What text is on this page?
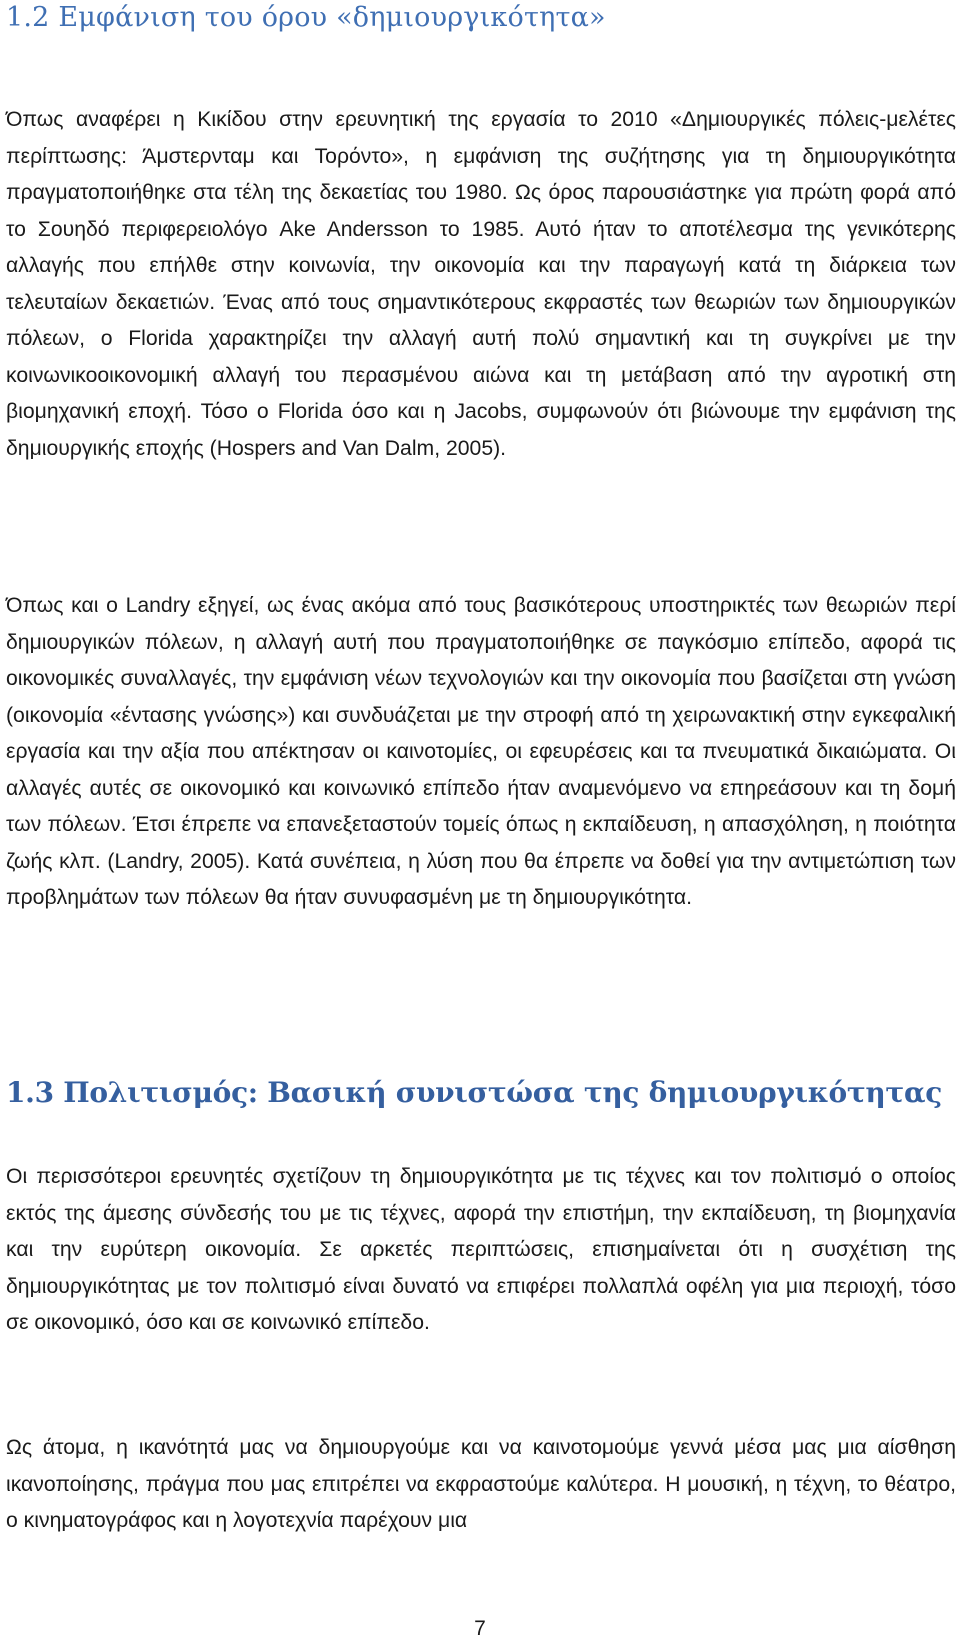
1.2 Εμφάνιση του όρου «δημιουργικότητα»

Όπως αναφέρει η Κικίδου στην ερευνητική της εργασία το 2010 «Δημιουργικές πόλεις-μελέτες περίπτωσης: Άμστερνταμ και Τορόντο», η εμφάνιση της συζήτησης για τη δημιουργικότητα πραγματοποιήθηκε στα τέλη της δεκαετίας του 1980. Ως όρος παρουσιάστηκε για πρώτη φορά από το Σουηδό περιφερειολόγο Ake Andersson το 1985. Αυτό ήταν το αποτέλεσμα της γενικότερης αλλαγής που επήλθε στην κοινωνία, την οικονομία και την παραγωγή κατά τη διάρκεια των τελευταίων δεκαετιών. Ένας από τους σημαντικότερους εκφραστές των θεωριών των δημιουργικών πόλεων, ο Florida χαρακτηρίζει την αλλαγή αυτή πολύ σημαντική και τη συγκρίνει με την κοινωνικοοικονομική αλλαγή του περασμένου αιώνα και τη μετάβαση από την αγροτική στη βιομηχανική εποχή. Τόσο ο Florida όσο και η Jacobs, συμφωνούν ότι βιώνουμε την εμφάνιση της δημιουργικής εποχής (Hospers and Van Dalm, 2005).

Όπως και ο Landry εξηγεί, ως ένας ακόμα από τους βασικότερους υποστηρικτές των θεωριών περί δημιουργικών πόλεων, η αλλαγή αυτή που πραγματοποιήθηκε σε παγκόσμιο επίπεδο, αφορά τις οικονομικές συναλλαγές, την εμφάνιση νέων τεχνολογιών και την οικονομία που βασίζεται στη γνώση (οικονομία «έντασης γνώσης») και συνδυάζεται με την στροφή από τη χειρωνακτική στην εγκεφαλική εργασία και την αξία που απέκτησαν οι καινοτομίες, οι εφευρέσεις και τα πνευματικά δικαιώματα. Οι αλλαγές αυτές σε οικονομικό και κοινωνικό επίπεδο ήταν αναμενόμενο να επηρεάσουν και τη δομή των πόλεων. Έτσι έπρεπε να επανεξεταστούν τομείς όπως η εκπαίδευση, η απασχόληση, η ποιότητα ζωής κλπ. (Landry, 2005). Κατά συνέπεια, η λύση που θα έπρεπε να δοθεί για την αντιμετώπιση των προβλημάτων των πόλεων θα ήταν συνυφασμένη με τη δημιουργικότητα.

1.3 Πολιτισμός: Βασική συνιστώσα της δημιουργικότητας

Οι περισσότεροι ερευνητές σχετίζουν τη δημιουργικότητα με τις τέχνες και τον πολιτισμό ο οποίος εκτός της άμεσης σύνδεσής του με τις τέχνες, αφορά την επιστήμη, την εκπαίδευση, τη βιομηχανία και την ευρύτερη οικονομία. Σε αρκετές περιπτώσεις, επισημαίνεται ότι η συσχέτιση της δημιουργικότητας με τον πολιτισμό είναι δυνατό να επιφέρει πολλαπλά οφέλη για μια περιοχή, τόσο σε οικονομικό, όσο και σε κοινωνικό επίπεδο.

Ως άτομα, η ικανότητά μας να δημιουργούμε και να καινοτομούμε γεννά μέσα μας μια αίσθηση ικανοποίησης, πράγμα που μας επιτρέπει να εκφραστούμε καλύτερα. Η μουσική, η τέχνη, το θέατρο, ο κινηματογράφος και η λογοτεχνία παρέχουν μια

7
